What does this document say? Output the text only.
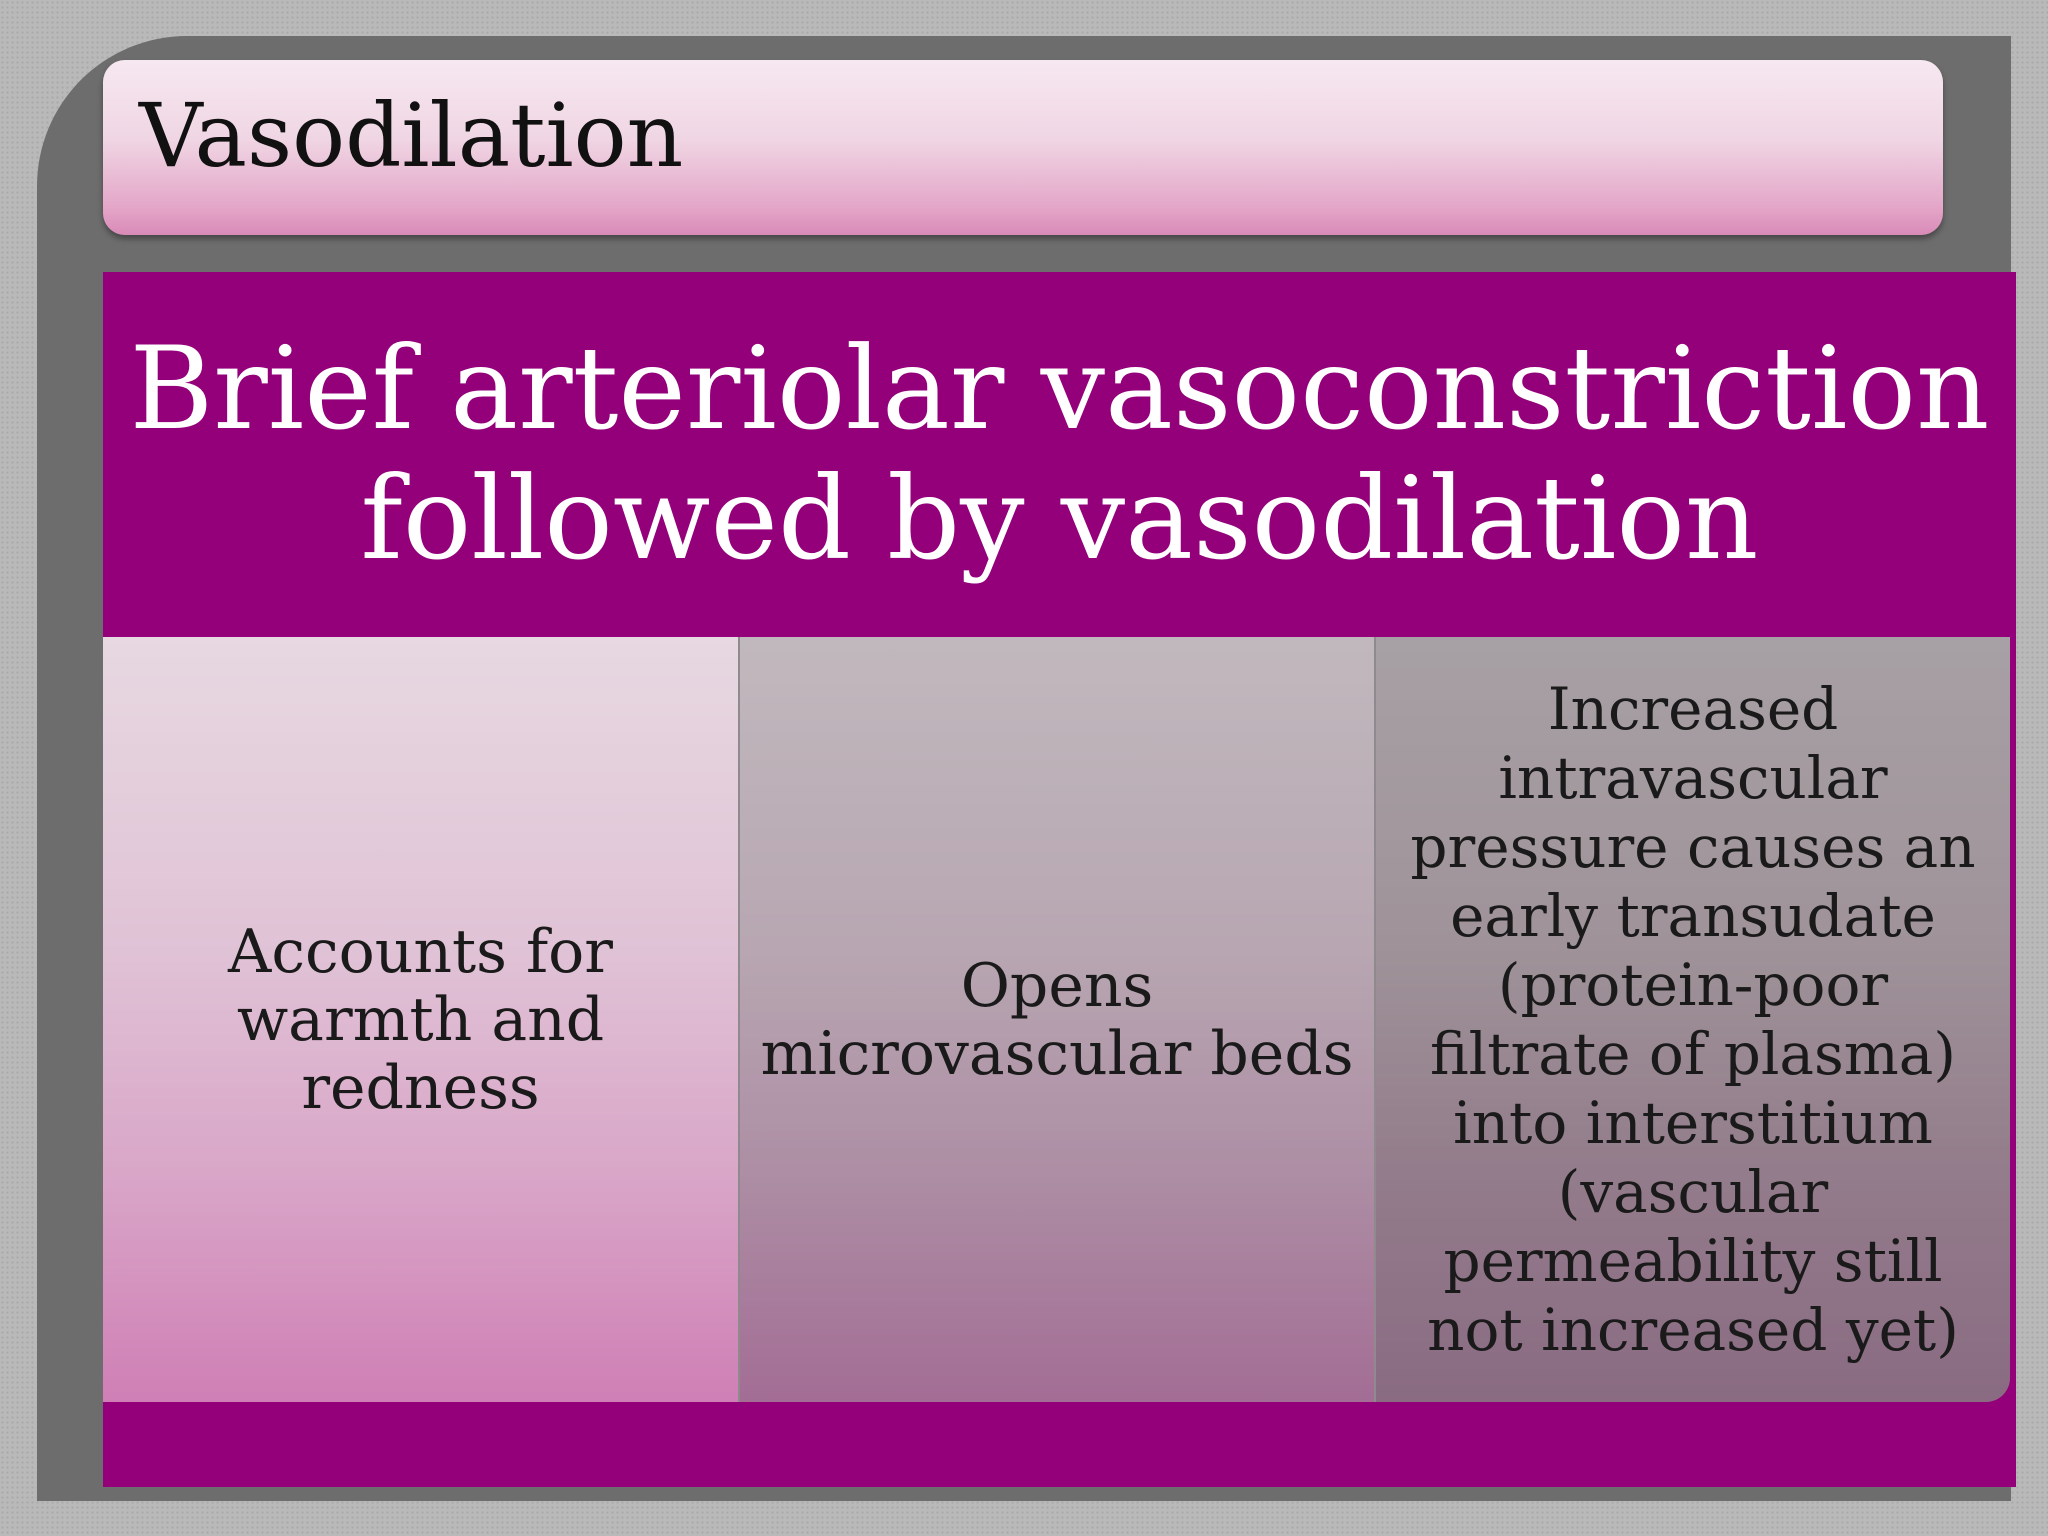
Vasodilation
Brief arteriolar vasoconstriction
followed by vasodilation
Accounts for
warmth and
redness
Opens
microvascular beds
Increased
intravascular
pressure causes an
early transudate
(protein-poor
filtrate of plasma)
into interstitium
(vascular
permeability still
not increased yet)
